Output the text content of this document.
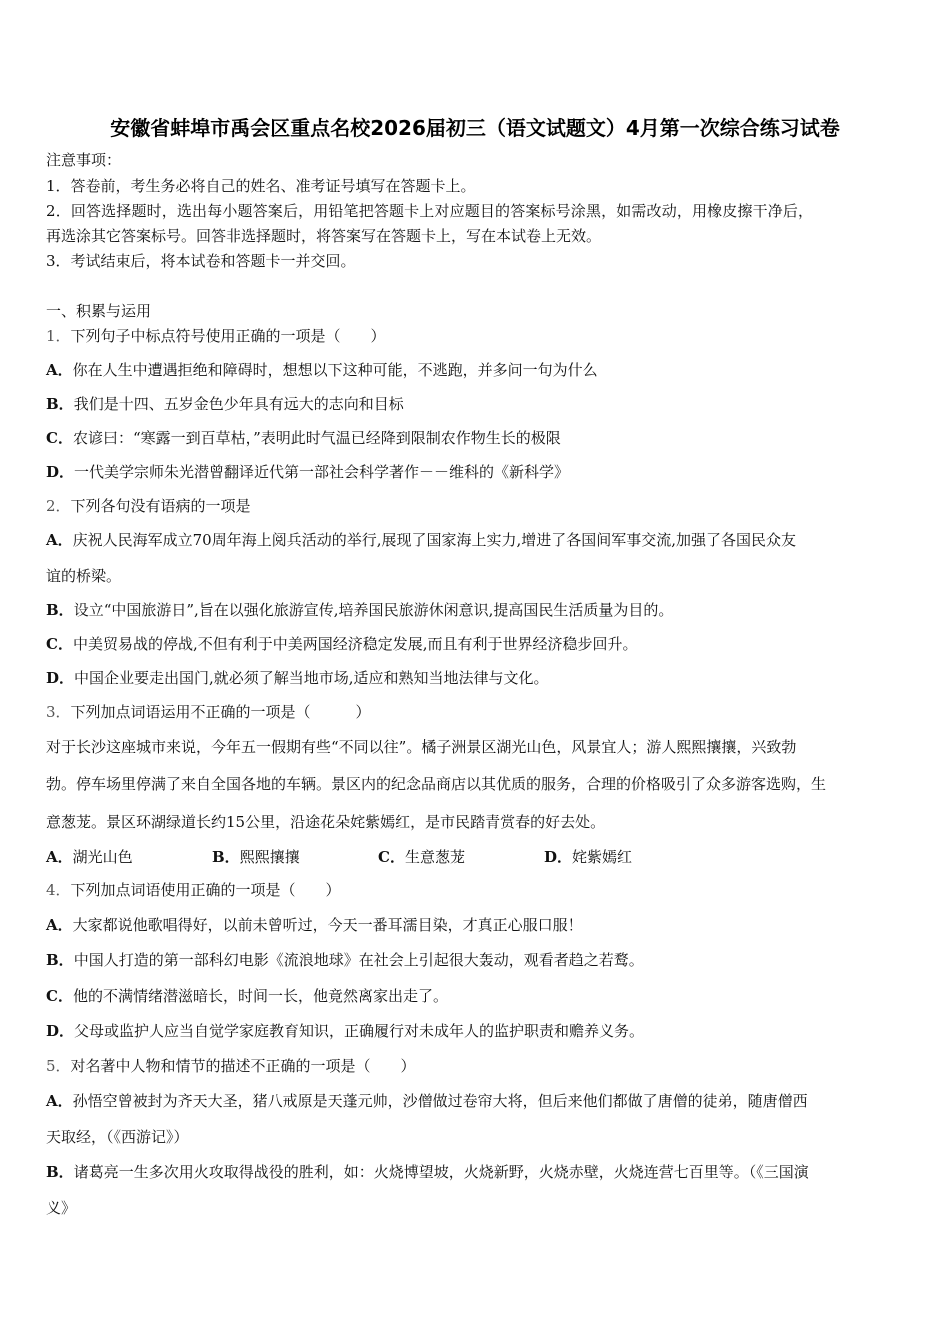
安徽省蚌埠市禹会区重点名校2026届初三（语文试题文）4月第一次综合练习试卷
注意事项：
1．答卷前，考生务必将自己的姓名、准考证号填写在答题卡上。
2．回答选择题时，选出每小题答案后，用铅笔把答题卡上对应题目的答案标号涂黑，如需改动，用橡皮擦干净后，
再选涂其它答案标号。回答非选择题时，将答案写在答题卡上，写在本试卷上无效。
3．考试结束后，将本试卷和答题卡一并交回。
一、积累与运用
1．下列句子中标点符号使用正确的一项是（　　）
A．你在人生中遭遇拒绝和障碍时，想想以下这种可能，不逃跑，并多问一句为什么
B．我们是十四、五岁金色少年具有远大的志向和目标
C．农谚曰：“寒露一到百草枯，”表明此时气温已经降到限制农作物生长的极限
D．一代美学宗师朱光潜曾翻译近代第一部社会科学著作－－维科的《新科学》
2．下列各句没有语病的一项是
A．庆祝人民海军成立70周年海上阅兵活动的举行,展现了国家海上实力,增进了各国间军事交流,加强了各国民众友
谊的桥梁。
B．设立“中国旅游日”,旨在以强化旅游宣传,培养国民旅游休闲意识,提高国民生活质量为目的。
C．中美贸易战的停战,不但有利于中美两国经济稳定发展,而且有利于世界经济稳步回升。
D．中国企业要走出国门,就必须了解当地市场,适应和熟知当地法律与文化。
3．下列加点词语运用不正确的一项是（　　　）
对于长沙这座城市来说，今年五一假期有些“不同以往”。橘子洲景区湖光山色，风景宜人；游人熙熙攘攘，兴致勃
勃。停车场里停满了来自全国各地的车辆。景区内的纪念品商店以其优质的服务，合理的价格吸引了众多游客选购，生
意葱茏。景区环湖绿道长约15公里，沿途花朵姹紫嫣红，是市民踏青赏春的好去处。
A．湖光山色	B．熙熙攘攘	C．生意葱茏	D．姹紫嫣红
4．下列加点词语使用正确的一项是（　　）
A．大家都说他歌唱得好，以前未曾听过，今天一番耳濡目染，才真正心服口服！
B．中国人打造的第一部科幻电影《流浪地球》在社会上引起很大轰动，观看者趋之若鹜。
C．他的不满情绪潜滋暗长，时间一长，他竟然离家出走了。
D．父母或监护人应当自觉学家庭教育知识，正确履行对未成年人的监护职责和赡养义务。
5．对名著中人物和情节的描述不正确的一项是（　　）
A．孙悟空曾被封为齐天大圣，猪八戒原是天蓬元帅，沙僧做过卷帘大将，但后来他们都做了唐僧的徒弟，随唐僧西
天取经，（《西游记》）
B．诸葛亮一生多次用火攻取得战役的胜利，如：火烧博望坡，火烧新野，火烧赤壁，火烧连营七百里等。（《三国演
义》
